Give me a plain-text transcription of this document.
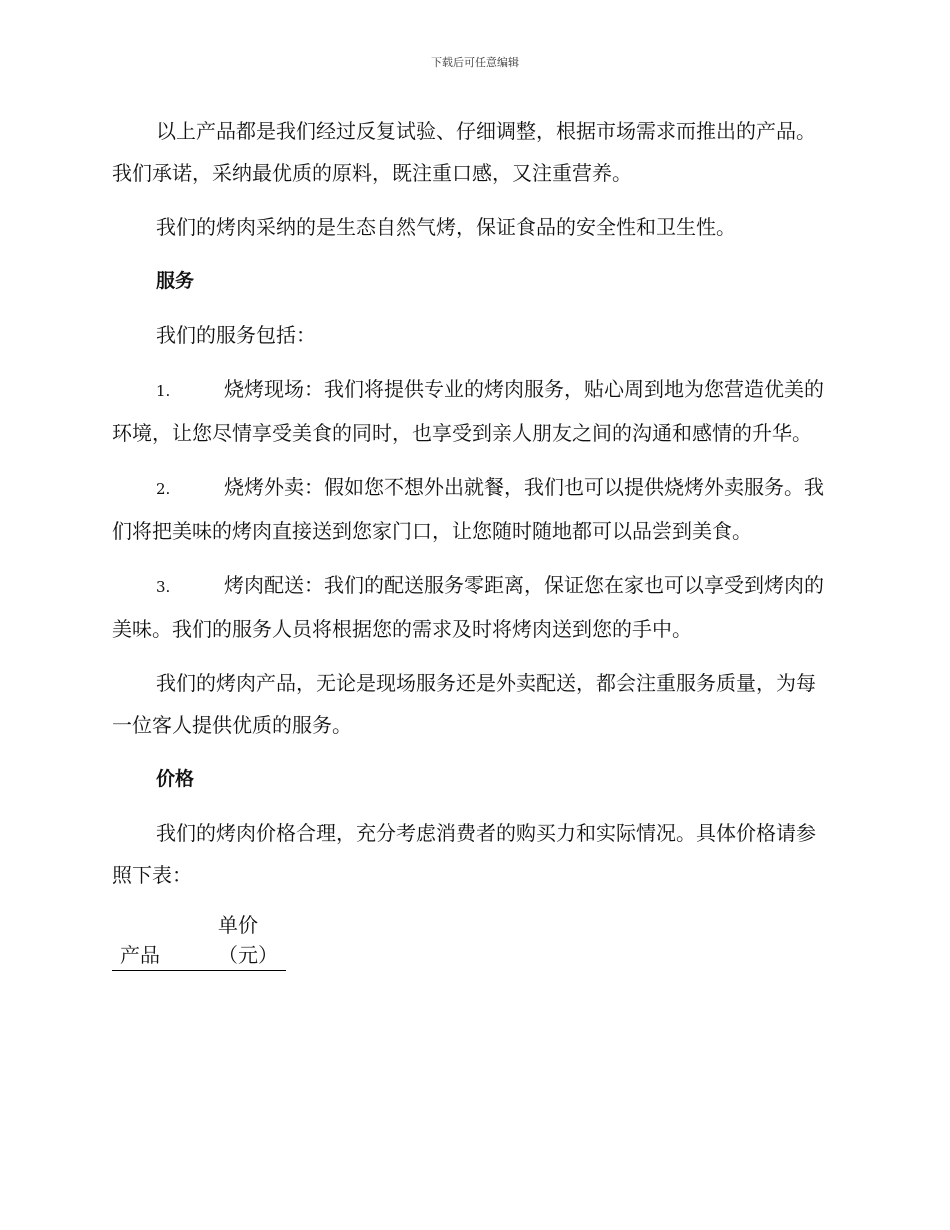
下载后可任意编辑

以上产品都是我们经过反复试验、仔细调整，根据市场需求而推出的产品。我们承诺，采纳最优质的原料，既注重口感，又注重营养。

我们的烤肉采纳的是生态自然气烤，保证食品的安全性和卫生性。

服务

我们的服务包括：

1.	烧烤现场：我们将提供专业的烤肉服务，贴心周到地为您营造优美的环境，让您尽情享受美食的同时，也享受到亲人朋友之间的沟通和感情的升华。
2.	烧烤外卖：假如您不想外出就餐，我们也可以提供烧烤外卖服务。我们将把美味的烤肉直接送到您家门口，让您随时随地都可以品尝到美食。
3.	烤肉配送：我们的配送服务零距离，保证您在家也可以享受到烤肉的美味。我们的服务人员将根据您的需求及时将烤肉送到您的手中。

我们的烤肉产品，无论是现场服务还是外卖配送，都会注重服务质量，为每一位客人提供优质的服务。

价格

我们的烤肉价格合理，充分考虑消费者的购买力和实际情况。具体价格请参照下表：

产品	单价（元）
